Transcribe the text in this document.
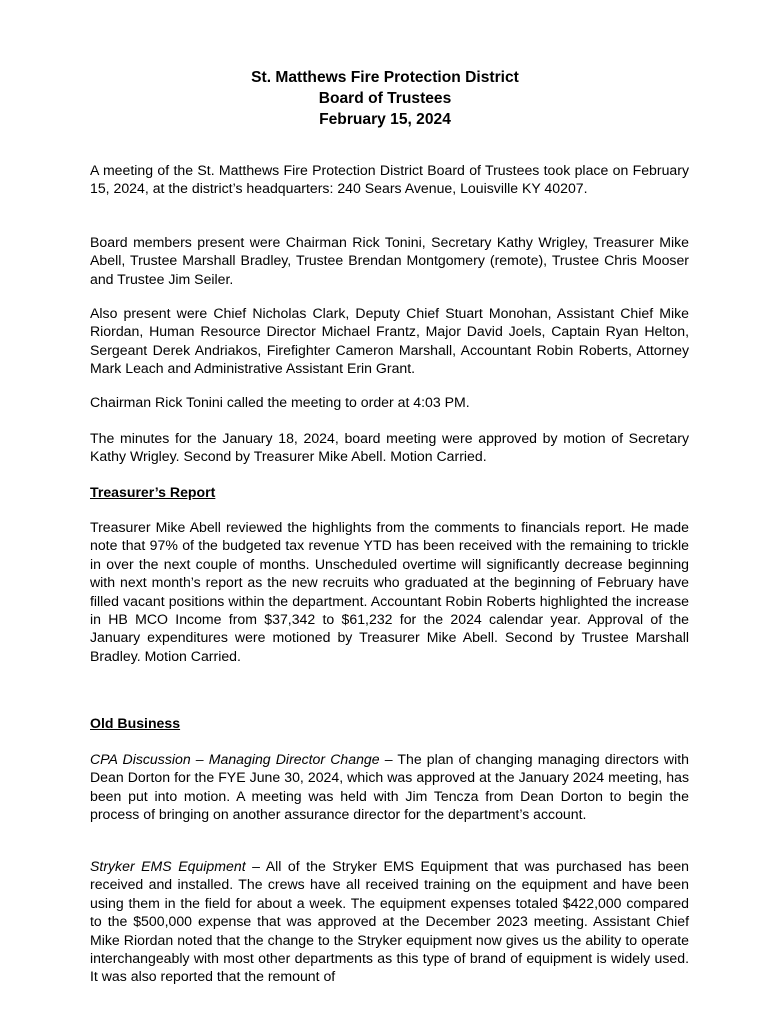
St. Matthews Fire Protection District
Board of Trustees
February 15, 2024

A meeting of the St. Matthews Fire Protection District Board of Trustees took place on February 15, 2024, at the district’s headquarters: 240 Sears Avenue, Louisville KY 40207.

Board members present were Chairman Rick Tonini, Secretary Kathy Wrigley, Treasurer Mike Abell, Trustee Marshall Bradley, Trustee Brendan Montgomery (remote), Trustee Chris Mooser and Trustee Jim Seiler.

Also present were Chief Nicholas Clark, Deputy Chief Stuart Monohan, Assistant Chief Mike Riordan, Human Resource Director Michael Frantz, Major David Joels, Captain Ryan Helton, Sergeant Derek Andriakos, Firefighter Cameron Marshall, Accountant Robin Roberts, Attorney Mark Leach and Administrative Assistant Erin Grant.

Chairman Rick Tonini called the meeting to order at 4:03 PM.

The minutes for the January 18, 2024, board meeting were approved by motion of Secretary Kathy Wrigley. Second by Treasurer Mike Abell. Motion Carried.

Treasurer’s Report

Treasurer Mike Abell reviewed the highlights from the comments to financials report. He made note that 97% of the budgeted tax revenue YTD has been received with the remaining to trickle in over the next couple of months. Unscheduled overtime will significantly decrease beginning with next month’s report as the new recruits who graduated at the beginning of February have filled vacant positions within the department. Accountant Robin Roberts highlighted the increase in HB MCO Income from $37,342 to $61,232 for the 2024 calendar year. Approval of the January expenditures were motioned by Treasurer Mike Abell. Second by Trustee Marshall Bradley. Motion Carried.

Old Business

CPA Discussion – Managing Director Change – The plan of changing managing directors with Dean Dorton for the FYE June 30, 2024, which was approved at the January 2024 meeting, has been put into motion. A meeting was held with Jim Tencza from Dean Dorton to begin the process of bringing on another assurance director for the department’s account.

Stryker EMS Equipment – All of the Stryker EMS Equipment that was purchased has been received and installed. The crews have all received training on the equipment and have been using them in the field for about a week. The equipment expenses totaled $422,000 compared to the $500,000 expense that was approved at the December 2023 meeting. Assistant Chief Mike Riordan noted that the change to the Stryker equipment now gives us the ability to operate interchangeably with most other departments as this type of brand of equipment is widely used. It was also reported that the remount of
